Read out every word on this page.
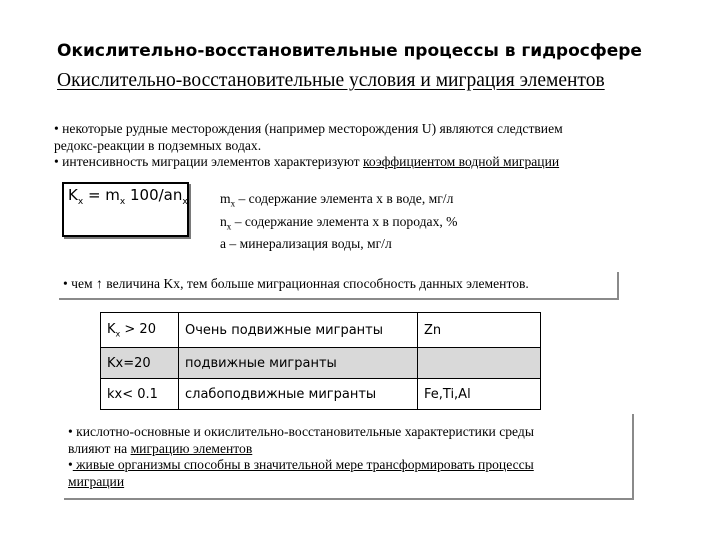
Окислительно-восстановительные процессы в гидросфере
Окислительно-восстановительные условия и миграция элементов
• некоторые рудные месторождения (например месторождения U) являются следствием
редокс-реакции в подземных водах.
• интенсивность миграции элементов характеризуют коэффициентом водной миграции
$K_x = m_x$ $100/an_x$ $m_x$ – содержание элемента x в воде, мг/л
$n_x$ – содержание элемента x в породах, %
a – минерализация воды, мг/л
• чем ↑ величина Kx, тем больше миграционная способность данных элементов.
$K_x > 20$	Очень подвижные мигранты	Zn
Kx=20	подвижные мигранты	
kx< 0.1	слабоподвижные мигранты	Fe,Ti,Al
• кислотно-основные и окислительно-восстановительные характеристики среды
влияют на миграцию элементов
• живые организмы способны в значительной мере трансформировать процессы
миграции
